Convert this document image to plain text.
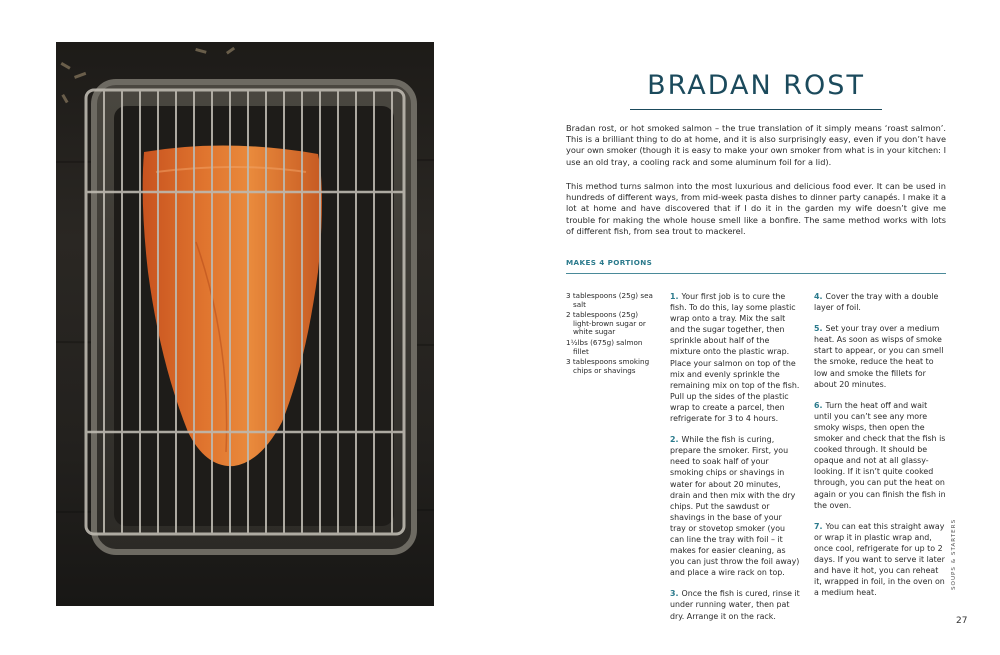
BRADAN ROST

Bradan rost, or hot smoked salmon – the true translation of it simply means ‘roast salmon’. This is a brilliant thing to do at home, and it is also surprisingly easy, even if you don’t have your own smoker (though it is easy to make your own smoker from what is in your kitchen: I use an old tray, a cooling rack and some aluminum foil for a lid).

This method turns salmon into the most luxurious and delicious food ever. It can be used in hundreds of different ways, from mid-week pasta dishes to dinner party canapés. I make it a lot at home and have discovered that if I do it in the garden my wife doesn’t give me trouble for making the whole house smell like a bonfire. The same method works with lots of different fish, from sea trout to mackerel.

MAKES 4 PORTIONS
3 tablespoons (25g) sea salt
2 tablespoons (25g) light-brown sugar or white sugar
1½lbs (675g) salmon fillet
3 tablespoons smoking chips or shavings

1. Your first job is to cure the fish. To do this, lay some plastic wrap onto a tray. Mix the salt and the sugar together, then sprinkle about half of the mixture onto the plastic wrap. Place your salmon on top of the mix and evenly sprinkle the remaining mix on top of the fish. Pull up the sides of the plastic wrap to create a parcel, then refrigerate for 3 to 4 hours.

2. While the fish is curing, prepare the smoker. First, you need to soak half of your smoking chips or shavings in water for about 20 minutes, drain and then mix with the dry chips. Put the sawdust or shavings in the base of your tray or stovetop smoker (you can line the tray with foil – it makes for easier cleaning, as you can just throw the foil away) and place a wire rack on top.

3. Once the fish is cured, rinse it under running water, then pat dry. Arrange it on the rack.

4. Cover the tray with a double layer of foil.

5. Set your tray over a medium heat. As soon as wisps of smoke start to appear, or you can smell the smoke, reduce the heat to low and smoke the fillets for about 20 minutes.

6. Turn the heat off and wait until you can’t see any more smoky wisps, then open the smoker and check that the fish is cooked through. It should be opaque and not at all glassy-looking. If it isn’t quite cooked through, you can put the heat on again or you can finish the fish in the oven.

7. You can eat this straight away or wrap it in plastic wrap and, once cool, refrigerate for up to 2 days. If you want to serve it later and have it hot, you can reheat it, wrapped in foil, in the oven on a medium heat.

SOUPS & STARTERS
27
